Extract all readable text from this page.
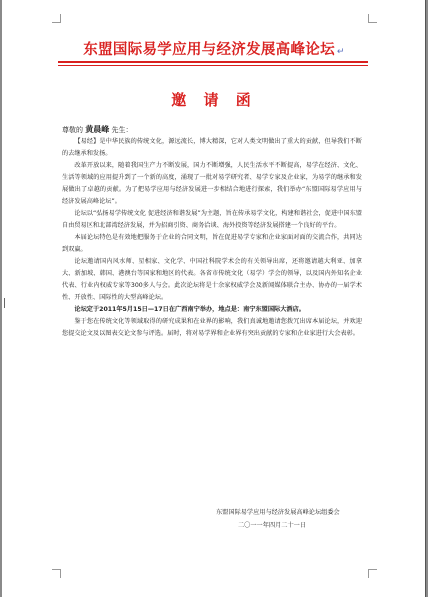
东盟国际易学应用与经济发展高峰论坛 ↵
邀 请 函

尊敬的 黄晨峰 先生：

【易经】是中华民族的传统文化，源远流长，博大精深，它对人类文明做出了重大的贡献，但导我们不断的去继承和发扬。

改革开放以来，随着我国生产力不断发展，国力不断增强，人民生活水平不断提高，易学在经济、文化、生活等领域的应用提升到了一个新的高度，涌现了一批对易学研究者、易学专家及企业家，为易学的继承和发展做出了卓越的贡献。为了把易学应用与经济发展进一步相结合地进行探索，我们举办“东盟国际易学应用与经济发展高峰论坛”。

论坛以“弘扬易学传统文化 促进经济和谐发展”为主题，旨在传承易学文化，构建和谐社会，促进中国东盟自由贸易区和北部湾经济发展，并为招商引资、商务洽谈、海外投资等经济发展搭建一个良好的平台。

本届论坛特色是有效地把服务于企业的合同文明，旨在促进易学专家和企业家面对面的交流合作，共同达到双赢。

论坛邀请国内风水师、星相家、文化学、中国社科院学术会的有关领导出席，还将邀请越大利亚、加拿大、新加坡、韩国、港澳台等国家和地区的代表。各省市传统文化（易学）学会的领导，以及国内外知名企业代表、行业内权威专家等300多人与会。此次论坛将是十余家权威学会及新闻媒体联合主办、协办的一届学术性、开放性、国际性的大型高峰论坛。

论坛定于2011年5月15日—17日在广西南宁举办，地点是：南宁东盟国际大酒店。

鉴于您在传统文化等领域取得的研究成果和在业界的影响，我们真诚地邀请您拨冗出席本届论坛，并欢迎您提交论文及以图表交论文参与评选。届时，将对易学界和企业界有突出贡献的专家和企业家进行大会表彰。

东盟国际易学应用与经济发展高峰论坛组委会
二〇一一年四月二十一日
